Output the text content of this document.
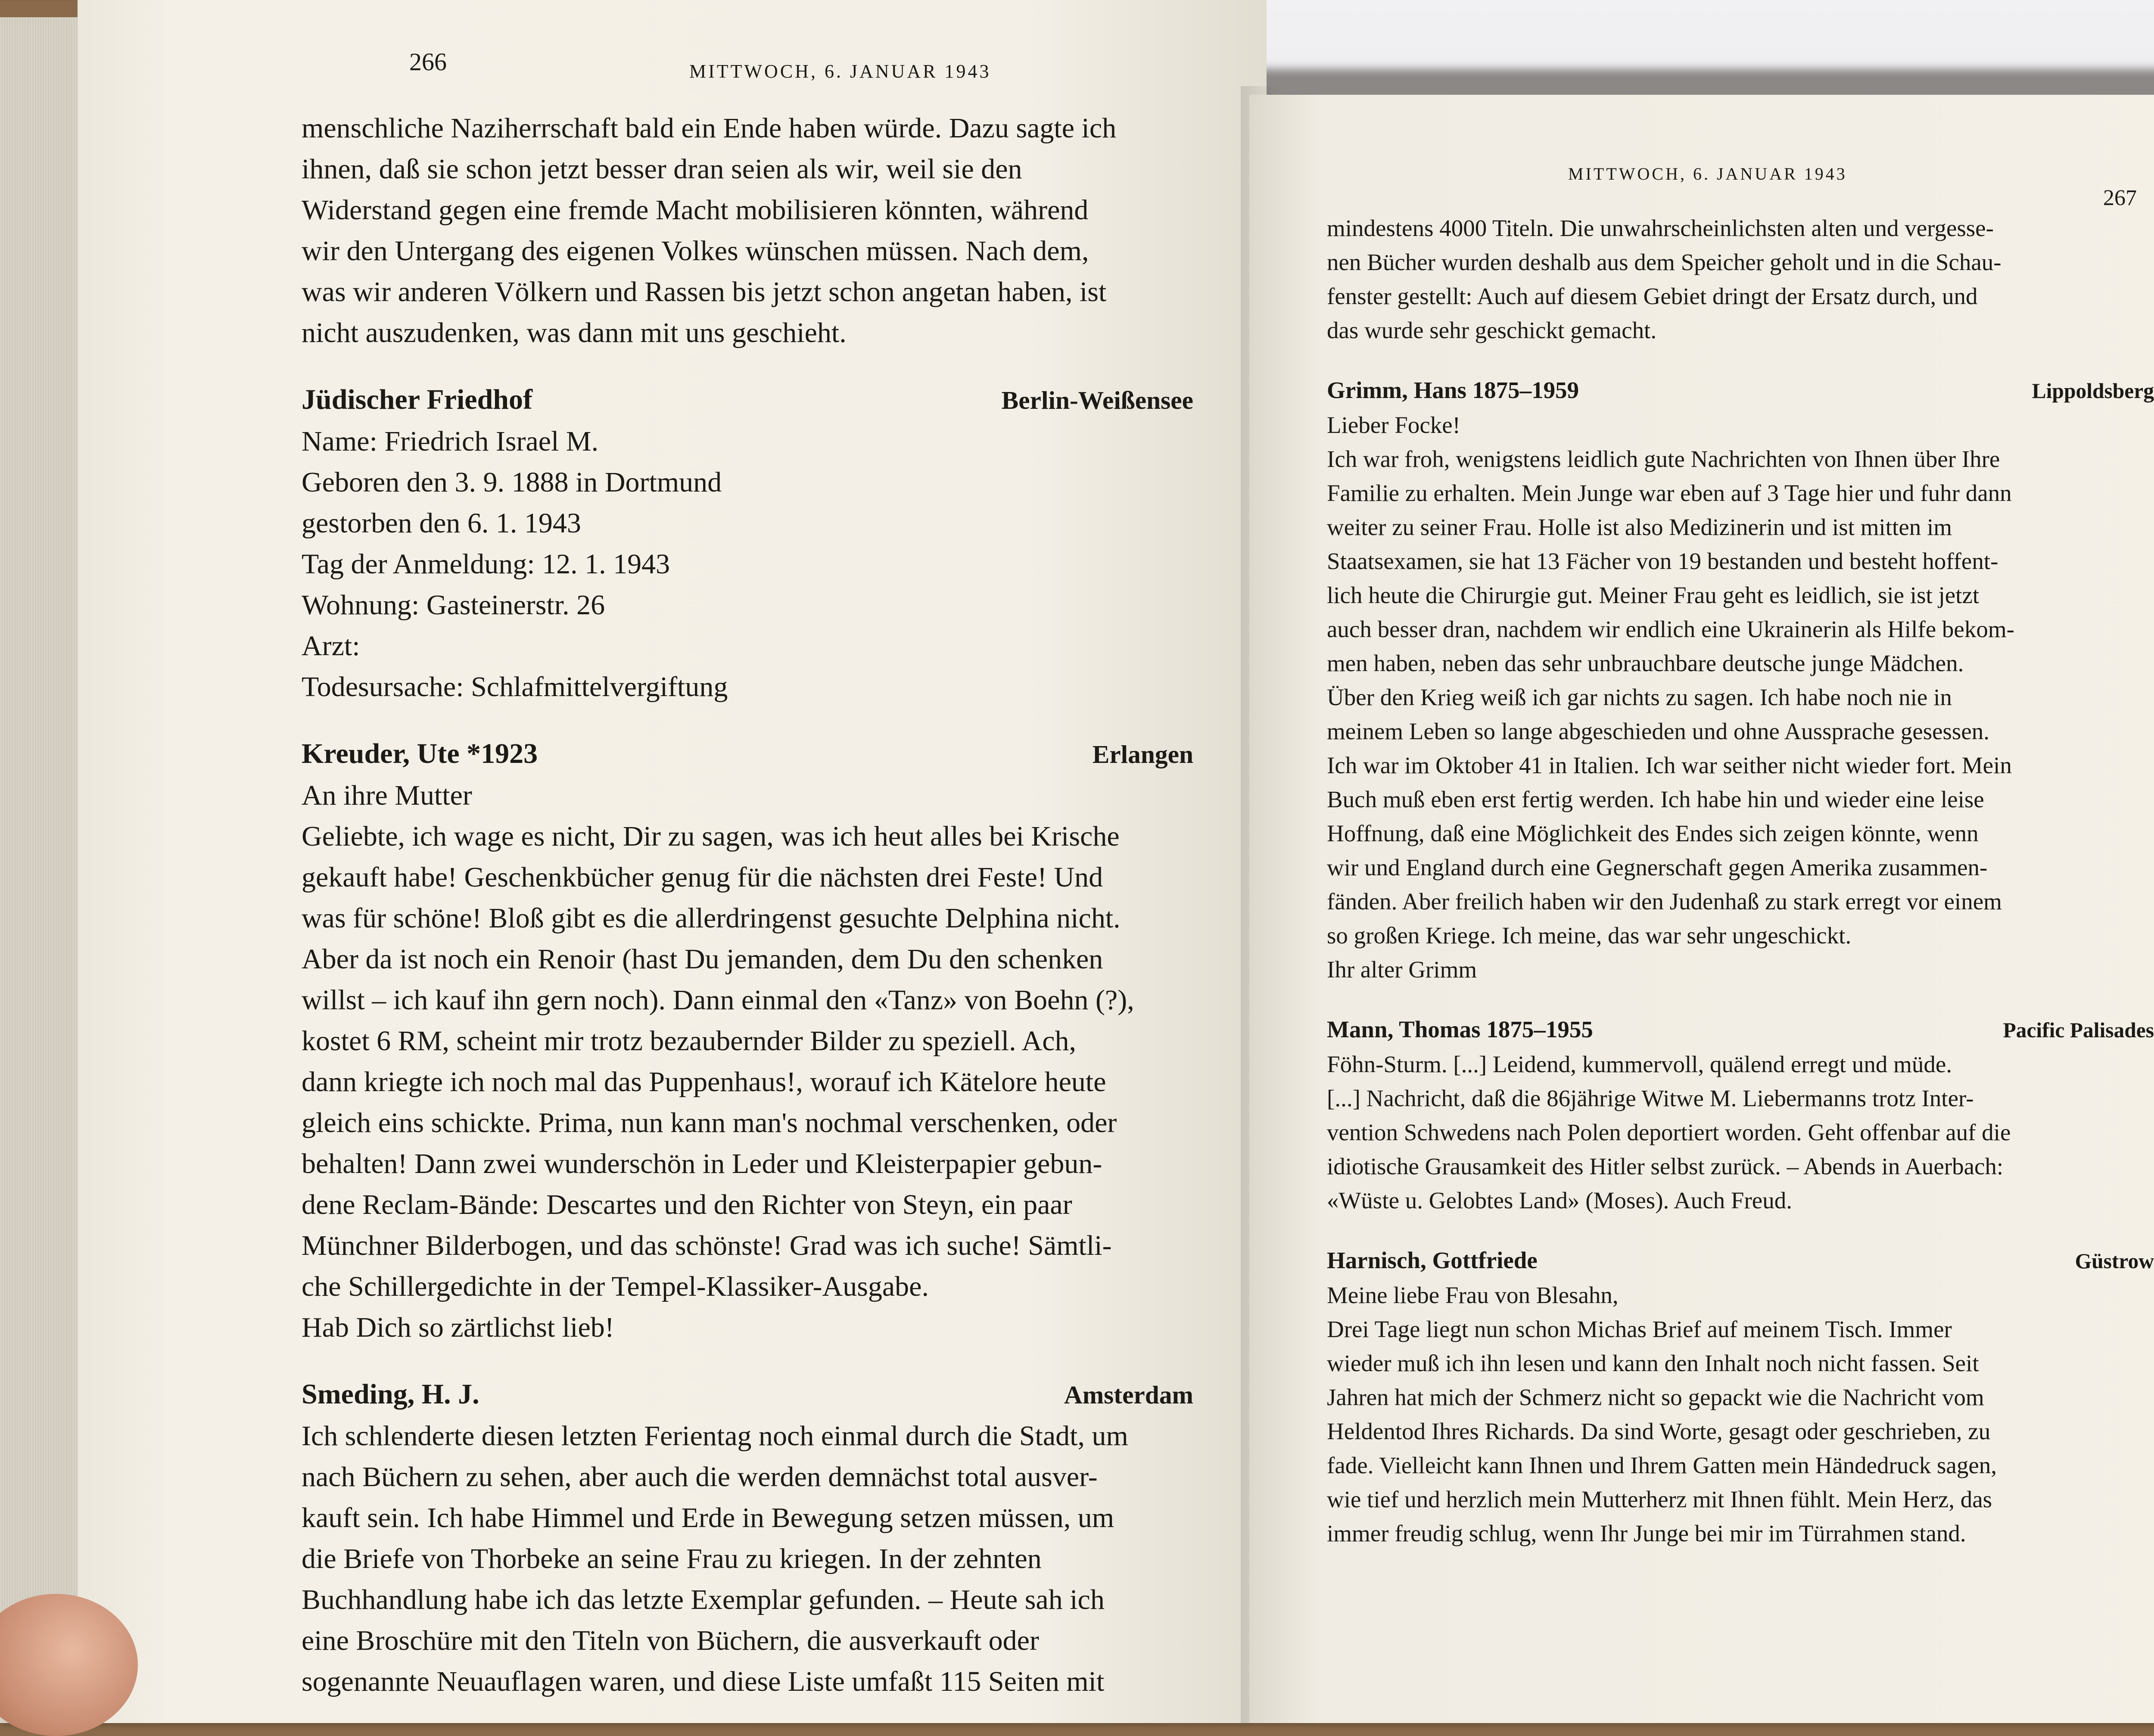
266	MITTWOCH, 6. JANUAR 1943
menschliche Naziherrschaft bald ein Ende haben würde. Dazu sagte ich
ihnen, daß sie schon jetzt besser dran seien als wir, weil sie den
Widerstand gegen eine fremde Macht mobilisieren könnten, während
wir den Untergang des eigenen Volkes wünschen müssen. Nach dem,
was wir anderen Völkern und Rassen bis jetzt schon angetan haben, ist
nicht auszudenken, was dann mit uns geschieht.
Jüdischer Friedhof	Berlin-Weißensee
Name: Friedrich Israel M.
Geboren den 3. 9. 1888 in Dortmund
gestorben den 6. 1. 1943
Tag der Anmeldung: 12. 1. 1943
Wohnung: Gasteinerstr. 26
Arzt:
Todesursache: Schlafmittelvergiftung
Kreuder, Ute *1923	Erlangen
An ihre Mutter
Geliebte, ich wage es nicht, Dir zu sagen, was ich heut alles bei Krische
gekauft habe! Geschenkbücher genug für die nächsten drei Feste! Und
was für schöne! Bloß gibt es die allerdringenst gesuchte Delphina nicht.
Aber da ist noch ein Renoir (hast Du jemanden, dem Du den schenken
willst – ich kauf ihn gern noch). Dann einmal den «Tanz» von Boehn (?),
kostet 6 RM, scheint mir trotz bezaubernder Bilder zu speziell. Ach,
dann kriegte ich noch mal das Puppenhaus!, worauf ich Kätelore heute
gleich eins schickte. Prima, nun kann man's nochmal verschenken, oder
behalten! Dann zwei wunderschön in Leder und Kleisterpapier gebun-
dene Reclam-Bände: Descartes und den Richter von Steyn, ein paar
Münchner Bilderbogen, und das schönste! Grad was ich suche! Sämtli-
che Schillergedichte in der Tempel-Klassiker-Ausgabe.
Hab Dich so zärtlichst lieb!
Smeding, H. J.	Amsterdam
Ich schlenderte diesen letzten Ferientag noch einmal durch die Stadt, um
nach Büchern zu sehen, aber auch die werden demnächst total ausver-
kauft sein. Ich habe Himmel und Erde in Bewegung setzen müssen, um
die Briefe von Thorbeke an seine Frau zu kriegen. In der zehnten
Buchhandlung habe ich das letzte Exemplar gefunden. – Heute sah ich
eine Broschüre mit den Titeln von Büchern, die ausverkauft oder
sogenannte Neuauflagen waren, und diese Liste umfaßt 115 Seiten mit
MITTWOCH, 6. JANUAR 1943
267
mindestens 4000 Titeln. Die unwahrscheinlichsten alten und vergesse-
nen Bücher wurden deshalb aus dem Speicher geholt und in die Schau-
fenster gestellt: Auch auf diesem Gebiet dringt der Ersatz durch, und
das wurde sehr geschickt gemacht.
Grimm, Hans 1875–1959	Lippoldsberg
Lieber Focke!
Ich war froh, wenigstens leidlich gute Nachrichten von Ihnen über Ihre
Familie zu erhalten. Mein Junge war eben auf 3 Tage hier und fuhr dann
weiter zu seiner Frau. Holle ist also Medizinerin und ist mitten im
Staatsexamen, sie hat 13 Fächer von 19 bestanden und besteht hoffent-
lich heute die Chirurgie gut. Meiner Frau geht es leidlich, sie ist jetzt
auch besser dran, nachdem wir endlich eine Ukrainerin als Hilfe bekom-
men haben, neben das sehr unbrauchbare deutsche junge Mädchen.
Über den Krieg weiß ich gar nichts zu sagen. Ich habe noch nie in
meinem Leben so lange abgeschieden und ohne Aussprache gesessen.
Ich war im Oktober 41 in Italien. Ich war seither nicht wieder fort. Mein
Buch muß eben erst fertig werden. Ich habe hin und wieder eine leise
Hoffnung, daß eine Möglichkeit des Endes sich zeigen könnte, wenn
wir und England durch eine Gegnerschaft gegen Amerika zusammen-
fänden. Aber freilich haben wir den Judenhaß zu stark erregt vor einem
so großen Kriege. Ich meine, das war sehr ungeschickt.
Ihr alter Grimm
Mann, Thomas 1875–1955	Pacific Palisades
Föhn-Sturm. [...] Leidend, kummervoll, quälend erregt und müde.
[...] Nachricht, daß die 86jährige Witwe M. Liebermanns trotz Inter-
vention Schwedens nach Polen deportiert worden. Geht offenbar auf die
idiotische Grausamkeit des Hitler selbst zurück. – Abends in Auerbach:
«Wüste u. Gelobtes Land» (Moses). Auch Freud.
Harnisch, Gottfriede	Güstrow
Meine liebe Frau von Blesahn,
Drei Tage liegt nun schon Michas Brief auf meinem Tisch. Immer
wieder muß ich ihn lesen und kann den Inhalt noch nicht fassen. Seit
Jahren hat mich der Schmerz nicht so gepackt wie die Nachricht vom
Heldentod Ihres Richards. Da sind Worte, gesagt oder geschrieben, zu
fade. Vielleicht kann Ihnen und Ihrem Gatten mein Händedruck sagen,
wie tief und herzlich mein Mutterherz mit Ihnen fühlt. Mein Herz, das
immer freudig schlug, wenn Ihr Junge bei mir im Türrahmen stand.
